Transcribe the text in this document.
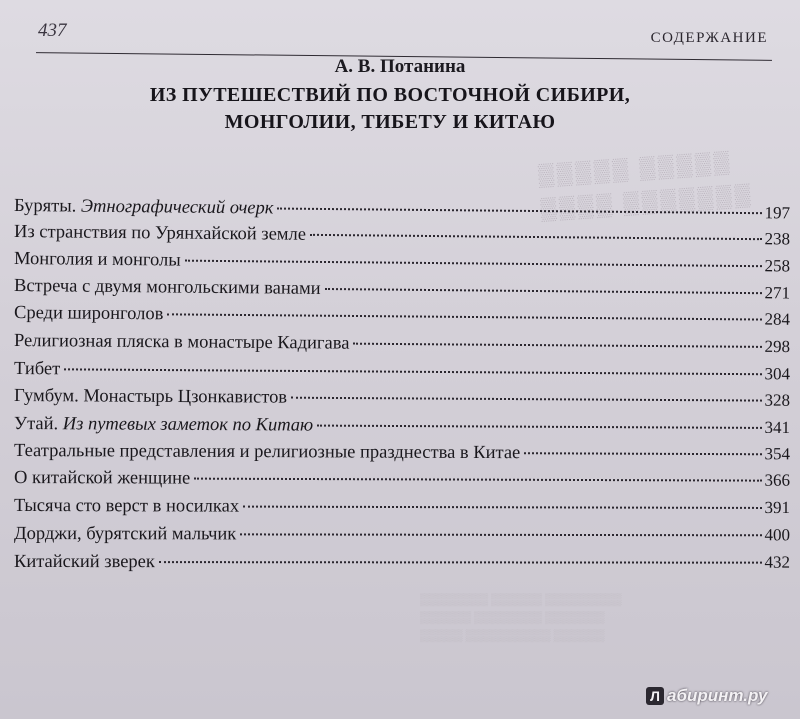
▒▒▒▒▒ ▒▒▒▒▒
▒▒▒▒ ▒▒▒▒▒▒▒
▒▒▒▒▒▒▒▒ ▒▒▒▒▒▒ ▒▒▒▒▒▒▒▒▒
▒▒▒▒▒▒ ▒▒▒▒▒▒▒▒ ▒▒▒▒▒▒▒
▒▒▒▒▒ ▒▒▒▒▒▒▒▒▒▒ ▒▒▒▒▒▒
437	СОДЕРЖАНИЕ
А. В. Потанина
ИЗ ПУТЕШЕСТВИЙ ПО ВОСТОЧНОЙ СИБИРИ,
МОНГОЛИИ, ТИБЕТУ И КИТАЮ
Буряты. Этнографический очерк	197
Из странствия по Урянхайской земле	238
Монголия и монголы	258
Встреча с двумя монгольскими ванами	271
Среди широнголов	284
Религиозная пляска в монастыре Кадигава	298
Тибет	304
Гумбум. Монастырь Цзонкавистов	328
Утай. Из путевых заметок по Китаю	341
Театральные представления и религиозные празднества в Китае	354
О китайской женщине	366
Тысяча сто верст в носилках	391
Дорджи, бурятский мальчик	400
Китайский зверек	432
Л абиринт.ру
